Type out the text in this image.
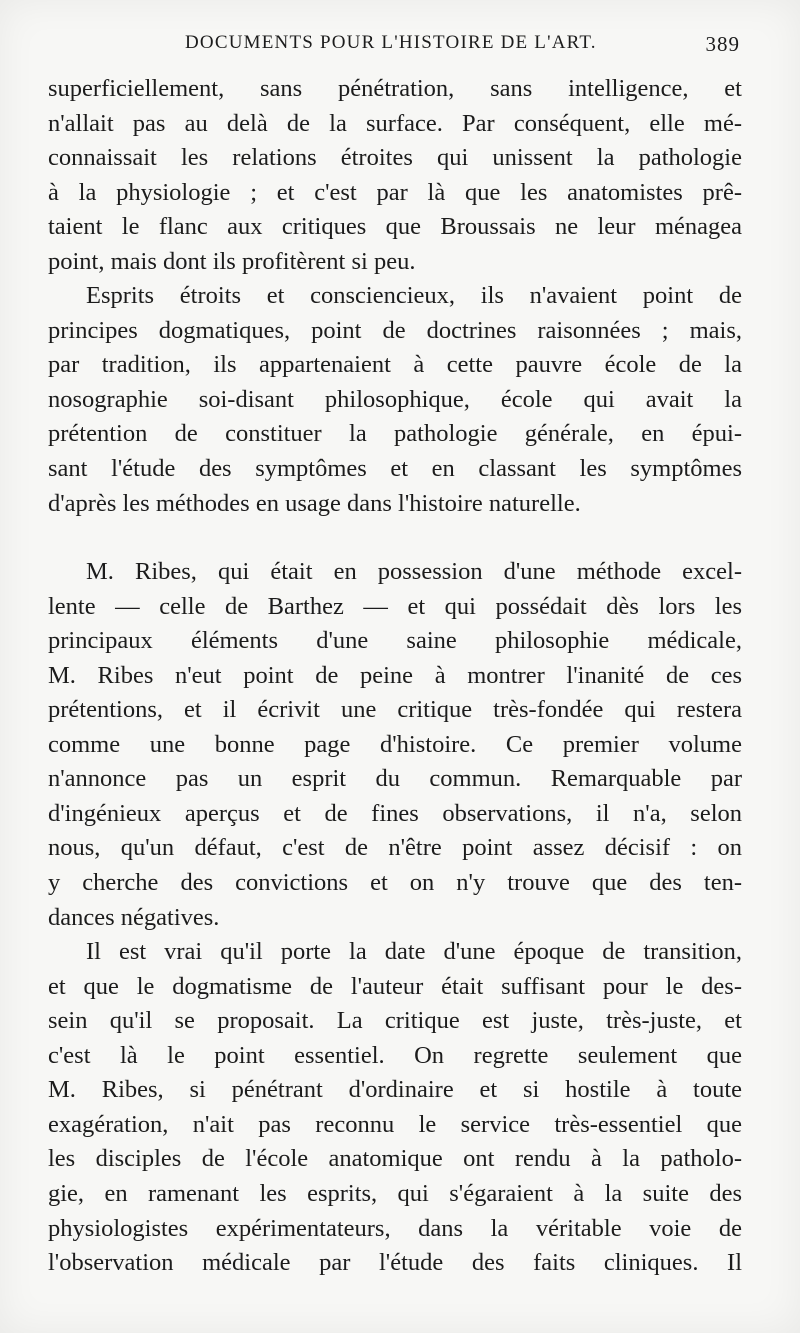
DOCUMENTS POUR L'HISTOIRE DE L'ART.	389
superficiellement, sans pénétration, sans intelligence, et
n'allait pas au delà de la surface. Par conséquent, elle mé-
connaissait les relations étroites qui unissent la pathologie
à la physiologie ; et c'est par là que les anatomistes prê-
taient le flanc aux critiques que Broussais ne leur ménagea
point, mais dont ils profitèrent si peu.
Esprits étroits et consciencieux, ils n'avaient point de
principes dogmatiques, point de doctrines raisonnées ; mais,
par tradition, ils appartenaient à cette pauvre école de la
nosographie soi-disant philosophique, école qui avait la
prétention de constituer la pathologie générale, en épui-
sant l'étude des symptômes et en classant les symptômes
d'après les méthodes en usage dans l'histoire naturelle.
M. Ribes, qui était en possession d'une méthode excel-
lente — celle de Barthez — et qui possédait dès lors les
principaux éléments d'une saine philosophie médicale,
M. Ribes n'eut point de peine à montrer l'inanité de ces
prétentions, et il écrivit une critique très-fondée qui restera
comme une bonne page d'histoire. Ce premier volume
n'annonce pas un esprit du commun. Remarquable par
d'ingénieux aperçus et de fines observations, il n'a, selon
nous, qu'un défaut, c'est de n'être point assez décisif : on
y cherche des convictions et on n'y trouve que des ten-
dances négatives.
Il est vrai qu'il porte la date d'une époque de transition,
et que le dogmatisme de l'auteur était suffisant pour le des-
sein qu'il se proposait. La critique est juste, très-juste, et
c'est là le point essentiel. On regrette seulement que
M. Ribes, si pénétrant d'ordinaire et si hostile à toute
exagération, n'ait pas reconnu le service très-essentiel que
les disciples de l'école anatomique ont rendu à la patholo-
gie, en ramenant les esprits, qui s'égaraient à la suite des
physiologistes expérimentateurs, dans la véritable voie de
l'observation médicale par l'étude des faits cliniques. Il
